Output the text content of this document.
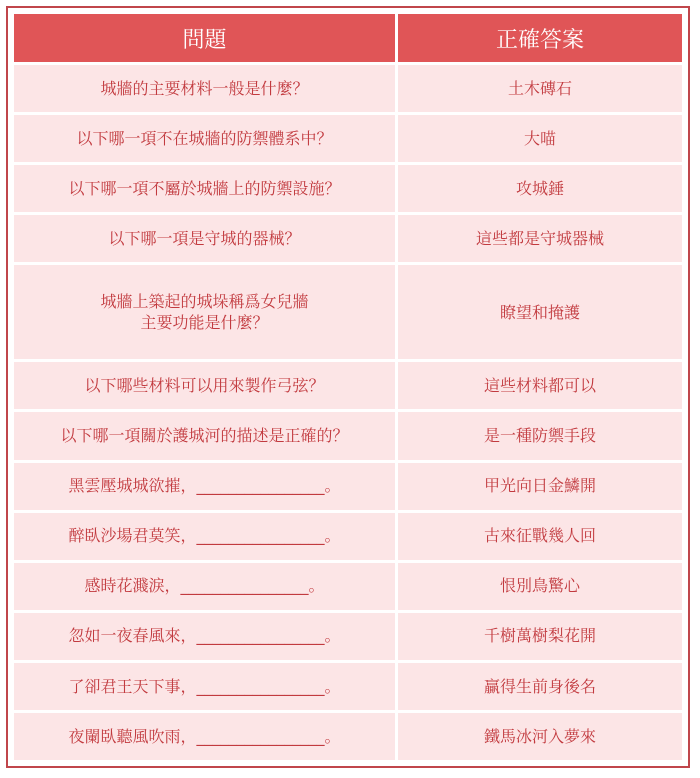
問題	正確答案
城牆的主要材料一般是什麼？	土木磚石
以下哪一項不在城牆的防禦體系中？	大喵
以下哪一項不屬於城牆上的防禦設施？	攻城錘
以下哪一項是守城的器械？	這些都是守城器械
城牆上築起的城垛稱爲女兒牆
主要功能是什麼？	瞭望和掩護
以下哪些材料可以用來製作弓弦？	這些材料都可以
以下哪一項關於護城河的描述是正確的？	是一種防禦手段
黑雲壓城城欲摧，________________。	甲光向日金鱗開
醉臥沙場君莫笑，________________。	古來征戰幾人回
感時花濺淚，________________。	恨別鳥驚心
忽如一夜春風來，________________。	千樹萬樹梨花開
了卻君王天下事，________________。	贏得生前身後名
夜闌臥聽風吹雨，________________。	鐵馬冰河入夢來
